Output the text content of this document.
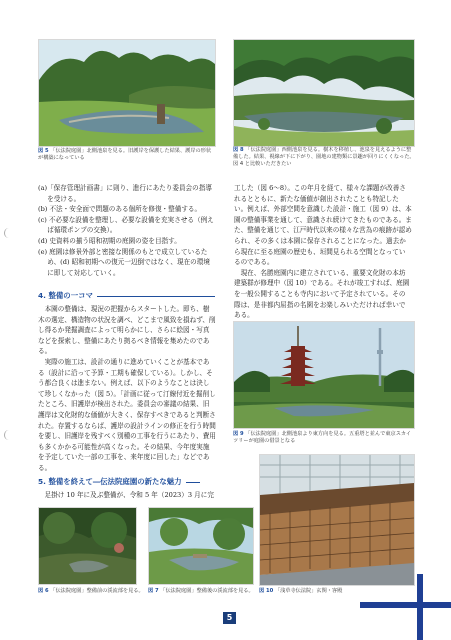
図 5 「伝法院庭園」北側池泉を見る。旧護岸を保護した結果、護岸の形状が構築になっている
図 8 「伝法院庭園」西側池泉を見る。樹木を移植し、池泉を見えるように整備した。結果、視線が下に下がり、園地の建物類に景趣が回りにくくなった。図 4 と比較いただきたい
(a)「保存管理計画書」に則り、進行にあたり委員会の指導を受ける。
(b) 不法・安全面で問題のある個所を修復・整備する。
(c) 不必要な設備を整理し、必要な設備を充実させる（例えば循環ポンプの交換）。
(d) 史資料の揃う昭和初期の庭園の姿を目指す。
(e) 庭園は修景外部と密接な関係のもとで成立しているため、(d) 昭和初期への復元一辺倒ではなく、現在の環境に即して対応していく。
4. 整備の一コマ

本園の整備は、現況の把握からスタートした。即ち、樹木の選定、構造物の状況を調べ、どこまで風致を損ねず、削し得るか発掘調査によって明らかにし、さらに絵図・写真などを探索し、整備にあたり拠るべき情報を集めたのである。

実際の施工は、設計の通りに進めていくことが基本である（設計に沿って予算・工期も確保している）。しかし、そう都合良くは進まない。例えば、以下のようなことは決して珍しくなかった（図 5）。「計画に従って汀線付近を掘削したところ、旧護岸が検出された。委員会の審議の結果、旧護岸は文化財的な価値が大きく、保存すべきであると判断された。存置するならば、護岸の設計ラインの修正を行う時間を要し、旧護岸を残すべく別種の工事を行うにあたり、費用も多くかかる可能性が高くなった。その結果、今年度実施を予定していた一部の工事を、来年度に回した」などである。

5. 整備を終えて―伝法院庭園の新たな魅力

足掛け 10 年に及ぶ整備が、令和 5 年（2023）3 月に完

工した（図 6〜8）。この年月を経て、様々な課題が改善されるとともに、新たな価値が創出されたことも特記したい。例えば、外部空間を意識した設計・施工（図 9）は、本園の整備事業を通して、意識され続けてきたものである。また、整備を通じて、江戸時代以来の様々な営為の痕跡が認められ、その多くは本園に保存されることになった。過去から現在に至る庭園の歴史も、垣間見られる空間となっているのである。

現在、名勝庭園内に建立されている、重要文化財の本坊建築群が修理中（図 10）である。それが竣工すれば、庭園を一般公開することも寺内において予定されている。その際は、是非都内屈指の名園をお楽しみいただければ幸いである。

図 9 「伝法院庭園」北側池泉より東方向を見る。五重塔と並んで東京スカイツリーが庭園の借景となる
図 10 「浅草寺伝法院」玄関・客殿
図 6 「伝法院庭園」整備前の渓流部を見る。 図 7 「伝法院庭園」整備後の渓流部を見る。
5
